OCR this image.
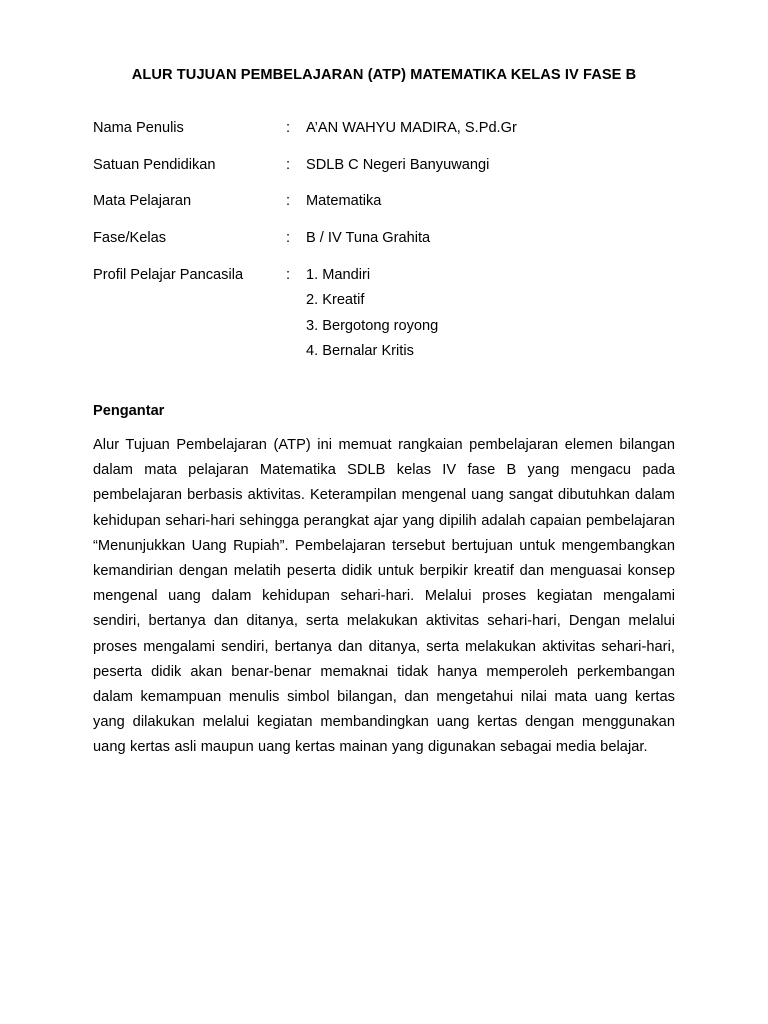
ALUR TUJUAN PEMBELAJARAN (ATP) MATEMATIKA KELAS IV FASE B
Nama Penulis	: A’AN WAHYU MADIRA, S.Pd.Gr
Satuan Pendidikan	: SDLB C Negeri Banyuwangi
Mata Pelajaran	: Matematika
Fase/Kelas	: B / IV Tuna Grahita
Profil Pelajar Pancasila	: 1. Mandiri
2. Kreatif
3. Bergotong royong
4. Bernalar Kritis
Pengantar

Alur Tujuan Pembelajaran (ATP) ini memuat rangkaian pembelajaran elemen bilangan dalam mata pelajaran Matematika SDLB kelas IV fase B yang mengacu pada pembelajaran berbasis aktivitas. Keterampilan mengenal uang sangat dibutuhkan dalam kehidupan sehari-hari sehingga perangkat ajar yang dipilih adalah capaian pembelajaran “Menunjukkan Uang Rupiah”. Pembelajaran tersebut bertujuan untuk mengembangkan kemandirian dengan melatih peserta didik untuk berpikir kreatif dan menguasai konsep mengenal uang dalam kehidupan sehari-hari. Melalui proses kegiatan mengalami sendiri, bertanya dan ditanya, serta melakukan aktivitas sehari-hari, Dengan melalui proses mengalami sendiri, bertanya dan ditanya, serta melakukan aktivitas sehari-hari, peserta didik akan benar-benar memaknai tidak hanya memperoleh perkembangan dalam kemampuan menulis simbol bilangan, dan mengetahui nilai mata uang kertas yang dilakukan melalui kegiatan membandingkan uang kertas dengan menggunakan uang kertas asli maupun uang kertas mainan yang digunakan sebagai media belajar.
